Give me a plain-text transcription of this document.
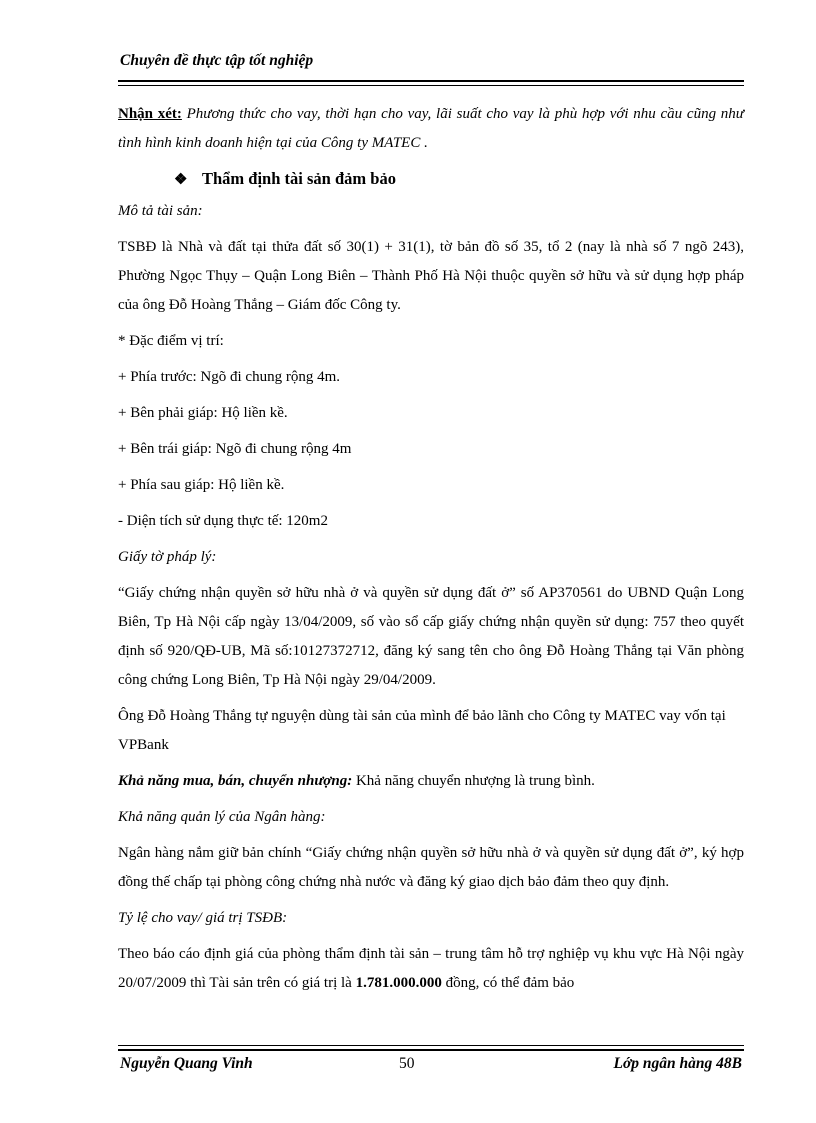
Chuyên đề thực tập tốt nghiệp

Nhận xét: Phương thức cho vay, thời hạn cho vay, lãi suất cho vay là phù hợp với nhu cầu cũng như tình hình kinh doanh hiện tại của Công ty MATEC .

❖ Thẩm định tài sản đảm bảo

Mô tả tài sản:

TSBĐ là Nhà và đất tại thửa đất số 30(1) + 31(1), tờ bản đồ số 35, tổ 2 (nay là nhà số 7 ngõ 243), Phường Ngọc Thụy – Quận Long Biên – Thành Phố Hà Nội thuộc quyền sở hữu và sử dụng hợp pháp của ông Đỗ Hoàng Thắng – Giám đốc Công ty.

* Đặc điểm vị trí:

+ Phía trước: Ngõ đi chung rộng 4m.

+ Bên phải giáp: Hộ liền kề.

+ Bên trái giáp: Ngõ đi chung rộng 4m

+ Phía sau giáp: Hộ liền kề.

- Diện tích sử dụng thực tế: 120m2

Giấy tờ pháp lý:

“Giấy chứng nhận quyền sở hữu nhà ở và quyền sử dụng đất ở” số AP370561 do UBND Quận Long Biên, Tp Hà Nội cấp ngày 13/04/2009, số vào sổ cấp giấy chứng nhận quyền sử dụng: 757 theo quyết định số 920/QĐ-UB, Mã số:10127372712, đăng ký sang tên cho ông Đỗ Hoàng Thắng tại Văn phòng công chứng Long Biên, Tp Hà Nội ngày 29/04/2009.

Ông Đỗ Hoàng Thắng tự nguyện dùng tài sản của mình để bảo lãnh cho Công ty MATEC vay vốn tại VPBank

Khả năng mua, bán, chuyển nhượng: Khả năng chuyển nhượng là trung bình.

Khả năng quản lý của Ngân hàng:

Ngân hàng nắm giữ bản chính “Giấy chứng nhận quyền sở hữu nhà ở và quyền sử dụng đất ở”, ký hợp đồng thế chấp tại phòng công chứng nhà nước và đăng ký giao dịch bảo đảm theo quy định.

Tỷ lệ cho vay/ giá trị TSĐB:

Theo báo cáo định giá của phòng thẩm định tài sản – trung tâm hỗ trợ nghiệp vụ khu vực Hà Nội ngày 20/07/2009 thì Tài sản trên có giá trị là 1.781.000.000 đồng, có thể đảm bảo

Nguyễn Quang Vinh	50	Lớp ngân hàng 48B
